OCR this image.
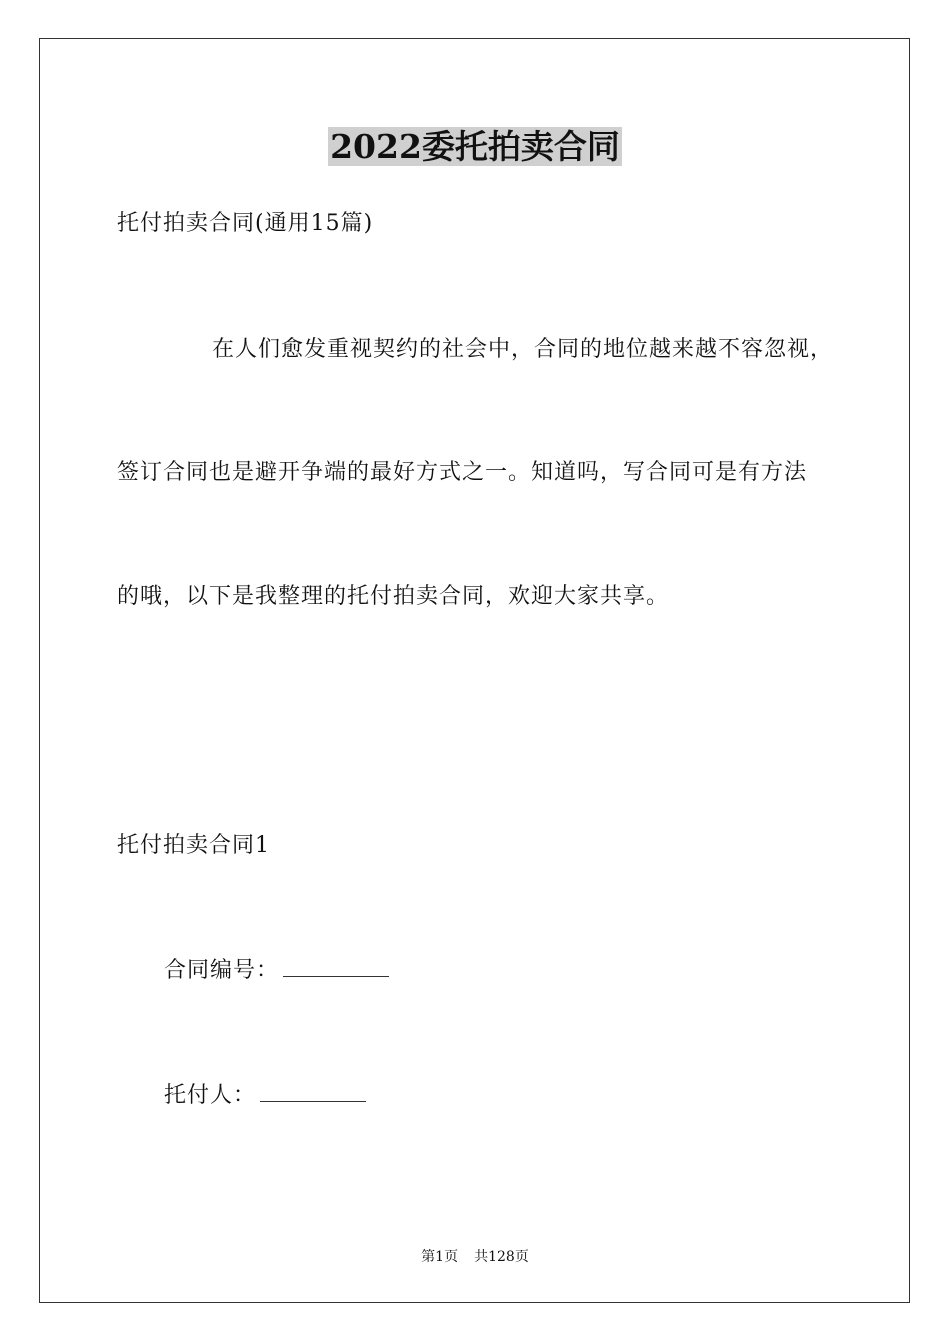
2022委托拍卖合同
托付拍卖合同(通用15篇)
在人们愈发重视契约的社会中，合同的地位越来越不容忽视，
签订合同也是避开争端的最好方式之一。知道吗，写合同可是有方法
的哦，以下是我整理的托付拍卖合同，欢迎大家共享。
托付拍卖合同1
合同编号：
托付人：
第1页 共128页
